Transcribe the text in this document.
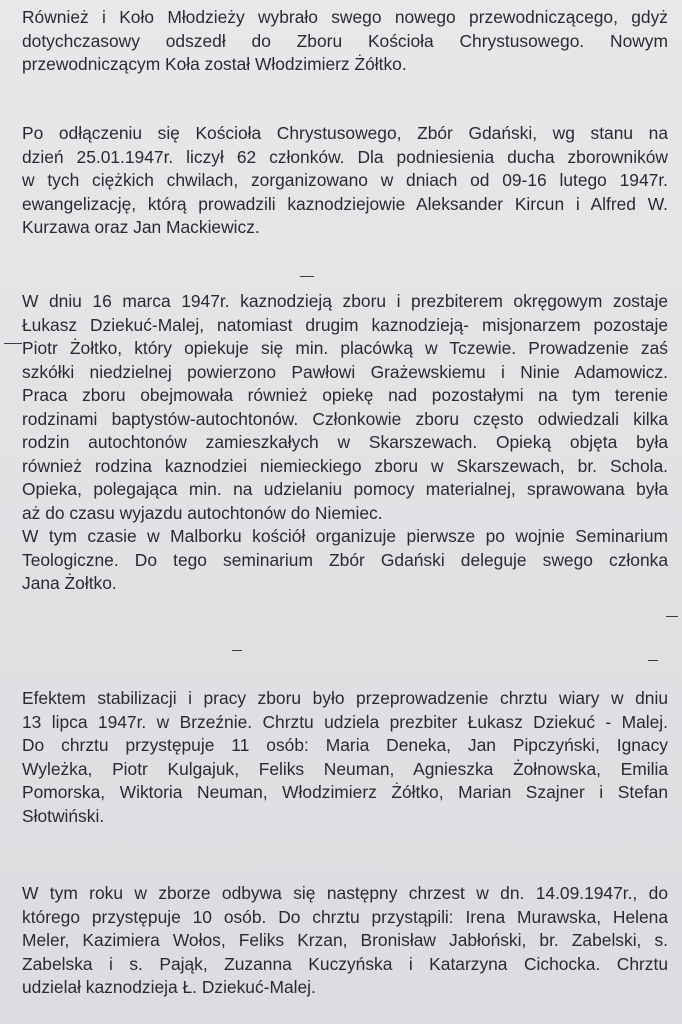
Również i Koło Młodzieży wybrało swego nowego przewodniczącego, gdyż
dotychczasowy odszedł do Zboru Kościoła Chrystusowego. Nowym
przewodniczącym Koła został Włodzimierz Żółtko.

Po odłączeniu się Kościoła Chrystusowego, Zbór Gdański, wg stanu na
dzień 25.01.1947r. liczył 62 członków. Dla podniesienia ducha zborowników
w tych ciężkich chwilach, zorganizowano w dniach od 09-16 lutego 1947r.
ewangelizację, którą prowadzili kaznodziejowie Aleksander Kircun i Alfred W.
Kurzawa oraz Jan Mackiewicz.

W dniu 16 marca 1947r. kaznodzieją zboru i prezbiterem okręgowym zostaje
Łukasz Dziekuć-Malej, natomiast drugim kaznodzieją- misjonarzem pozostaje
Piotr Żołtko, który opiekuje się min. placówką w Tczewie. Prowadzenie zaś
szkółki niedzielnej powierzono Pawłowi Grażewskiemu i Ninie Adamowicz.
Praca zboru obejmowała również opiekę nad pozostałymi na tym terenie
rodzinami baptystów-autochtonów. Członkowie zboru często odwiedzali kilka
rodzin autochtonów zamieszkałych w Skarszewach. Opieką objęta była
również rodzina kaznodziei niemieckiego zboru w Skarszewach, br. Schola.
Opieka, polegająca min. na udzielaniu pomocy materialnej, sprawowana była
aż do czasu wyjazdu autochtonów do Niemiec.
W tym czasie w Malborku kościół organizuje pierwsze po wojnie Seminarium
Teologiczne. Do tego seminarium Zbór Gdański deleguje swego członka
Jana Żołtko.

Efektem stabilizacji i pracy zboru było przeprowadzenie chrztu wiary w dniu
13 lipca 1947r. w Brzeźnie. Chrztu udziela prezbiter Łukasz Dziekuć - Malej.
Do chrztu przystępuje 11 osób: Maria Deneka, Jan Pipczyński, Ignacy
Wyleżka, Piotr Kulgajuk, Feliks Neuman, Agnieszka Żołnowska, Emilia
Pomorska, Wiktoria Neuman, Włodzimierz Żółtko, Marian Szajner i Stefan
Słotwiński.

W tym roku w zborze odbywa się następny chrzest w dn. 14.09.1947r., do
którego przystępuje 10 osób. Do chrztu przystąpili: Irena Murawska, Helena
Meler, Kazimiera Wołos, Feliks Krzan, Bronisław Jabłoński, br. Zabelski, s.
Zabelska i s. Pająk, Zuzanna Kuczyńska i Katarzyna Cichocka. Chrztu
udzielał kaznodzieja Ł. Dziekuć-Malej.
